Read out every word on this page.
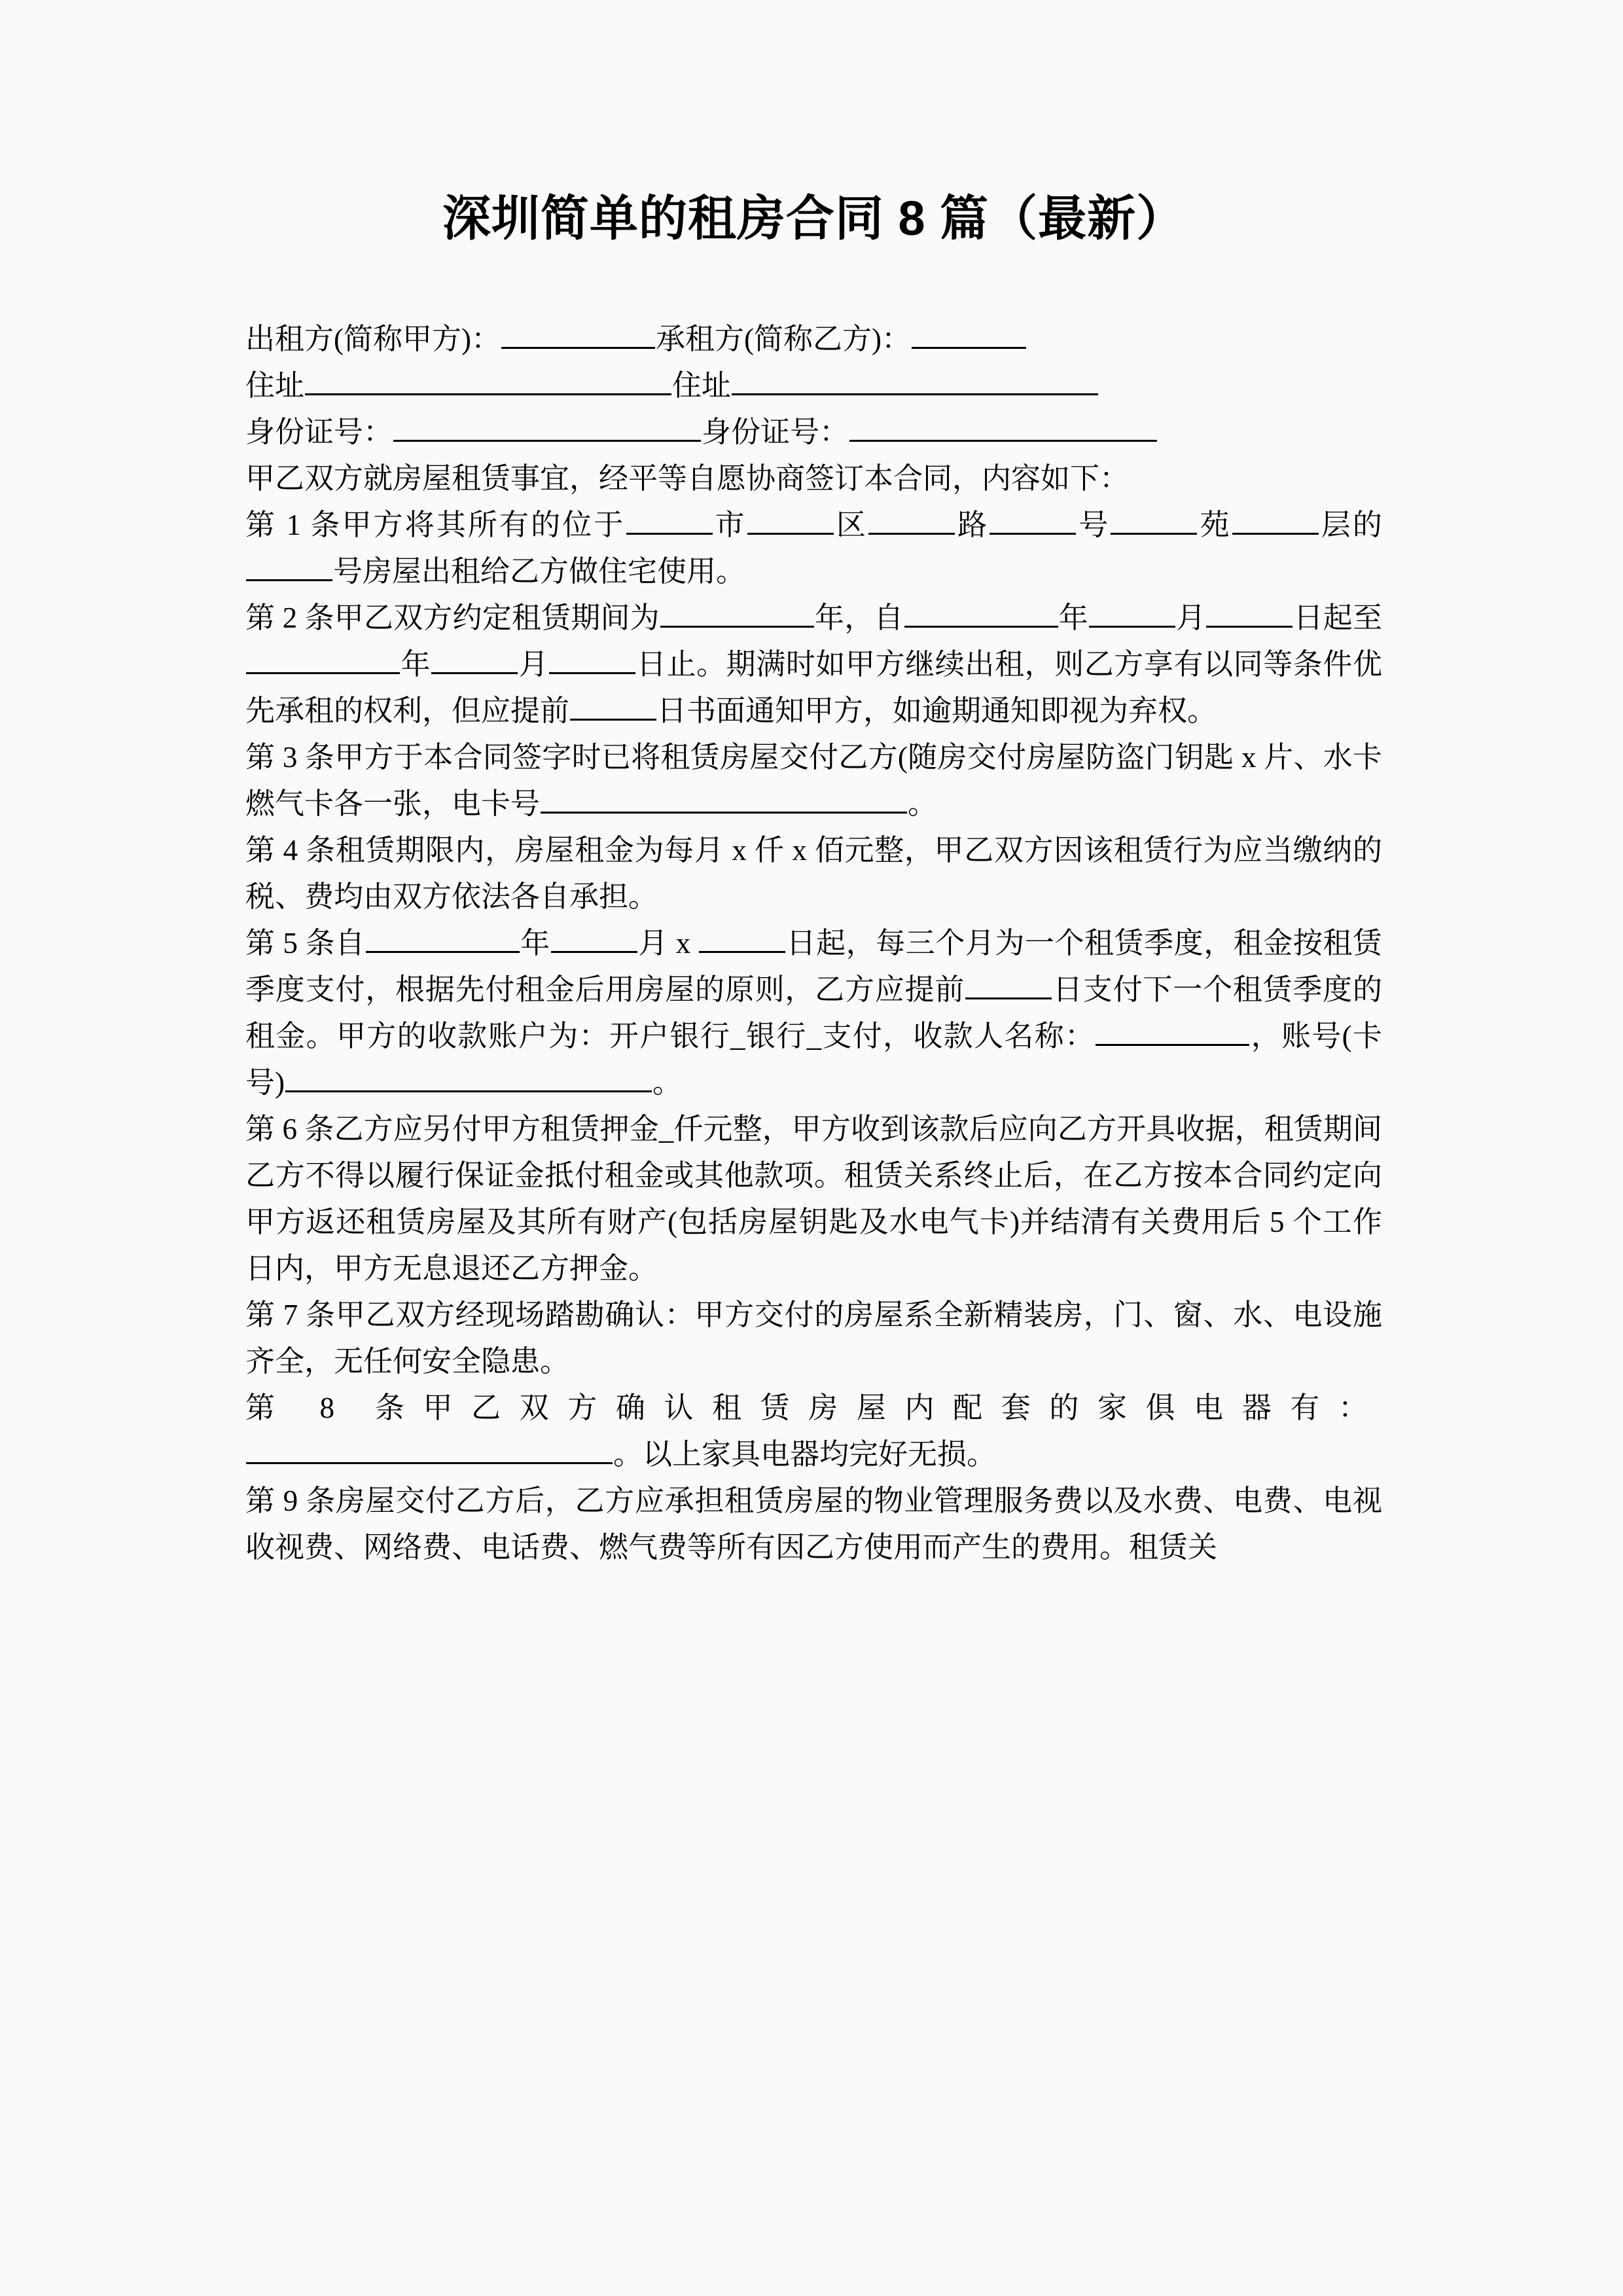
深圳简单的租房合同 8 篇（最新）

出租方(简称甲方)：	承租方(简称乙方)：

住址	住址

身份证号：	身份证号：

甲乙双方就房屋租赁事宜，经平等自愿协商签订本合同，内容如下：

第 1 条甲方将其所有的位于	市	区	路	号	苑	层的号房屋出租给乙方做住宅使用。

第 2 条甲乙双方约定租赁期间为	年，自	年	月	日起至年	月	日止。期满时如甲方继续出租，则乙方享有以同等条件优先承租的权利，但应提前	日书面通知甲方，如逾期通知即视为弃权。

第 3 条甲方于本合同签字时已将租赁房屋交付乙方(随房交付房屋防盗门钥匙 x 片、水卡燃气卡各一张，电卡号	。

第 4 条租赁期限内，房屋租金为每月 x 仟 x 佰元整，甲乙双方因该租赁行为应当缴纳的税、费均由双方依法各自承担。

第 5 条自	年	月 x	日起，每三个月为一个租赁季度，租金按租赁季度支付，根据先付租金后用房屋的原则，乙方应提前	日支付下一个租赁季度的租金。甲方的收款账户为：开户银行_银行_支付，收款人名称：	，账号(卡号)	。

第 6 条乙方应另付甲方租赁押金_仟元整，甲方收到该款后应向乙方开具收据，租赁期间乙方不得以履行保证金抵付租金或其他款项。租赁关系终止后，在乙方按本合同约定向甲方返还租赁房屋及其所有财产(包括房屋钥匙及水电气卡)并结清有关费用后 5 个工作日内，甲方无息退还乙方押金。

第 7 条甲乙双方经现场踏勘确认：甲方交付的房屋系全新精装房，门、窗、水、电设施齐全，无任何安全隐患。

第 8 条甲乙双方确认租赁房屋内配套的家俱电器有：。以上家具电器均完好无损。

第 9 条房屋交付乙方后，乙方应承担租赁房屋的物业管理服务费以及水费、电费、电视收视费、网络费、电话费、燃气费等所有因乙方使用而产生的费用。租赁关
